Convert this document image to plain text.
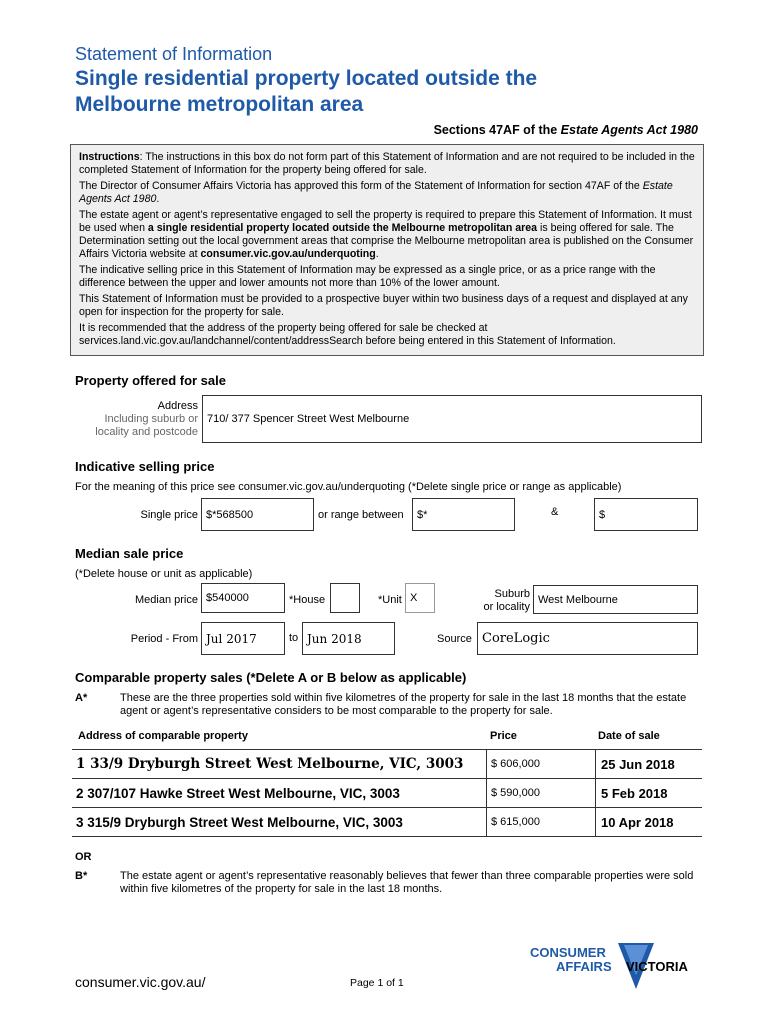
Statement of Information
Single residential property located outside the
Melbourne metropolitan area
Sections 47AF of the Estate Agents Act 1980

Instructions: The instructions in this box do not form part of this Statement of Information and are not required to be included in the completed Statement of Information for the property being offered for sale.

The Director of Consumer Affairs Victoria has approved this form of the Statement of Information for section 47AF of the Estate Agents Act 1980.

The estate agent or agent’s representative engaged to sell the property is required to prepare this Statement of Information. It must be used when a single residential property located outside the Melbourne metropolitan area is being offered for sale. The Determination setting out the local government areas that comprise the Melbourne metropolitan area is published on the Consumer Affairs Victoria website at consumer.vic.gov.au/underquoting.

The indicative selling price in this Statement of Information may be expressed as a single price, or as a price range with the difference between the upper and lower amounts not more than 10% of the lower amount.

This Statement of Information must be provided to a prospective buyer within two business days of a request and displayed at any open for inspection for the property for sale.

It is recommended that the address of the property being offered for sale be checked at services.land.vic.gov.au/landchannel/content/addressSearch before being entered in this Statement of Information.

Property offered for sale
Address
Including suburb or
locality and postcode
710/ 377 Spencer Street West Melbourne
Indicative selling price
For the meaning of this price see consumer.vic.gov.au/underquoting (*Delete single price or range as applicable)
Single price $*568500	or range between $*	&	$
Median sale price
(*Delete house or unit as applicable)
Median price $540000	*House	*Unit X	Suburb
or locality
West Melbourne
Period - From Jul 2017	to Jun 2018	Source CoreLogic
Comparable property sales (*Delete A or B below as applicable)
A*	These are the three properties sold within five kilometres of the property for sale in the last 18 months that the estate agent or agent’s representative considers to be most comparable to the property for sale.
Address of comparable property	Price	Date of sale
1 33/9 Dryburgh Street West Melbourne, VIC, 3003	$ 606,000	25 Jun 2018
2 307/107 Hawke Street West Melbourne, VIC, 3003	$ 590,000	5 Feb 2018
3 315/9 Dryburgh Street West Melbourne, VIC, 3003	$ 615,000	10 Apr 2018
OR
B*	The estate agent or agent’s representative reasonably believes that fewer than three comparable properties were sold within five kilometres of the property for sale in the last 18 months.
consumer.vic.gov.au/	Page 1 of 1
CONSUMER
AFFAIRS VICTORIA
